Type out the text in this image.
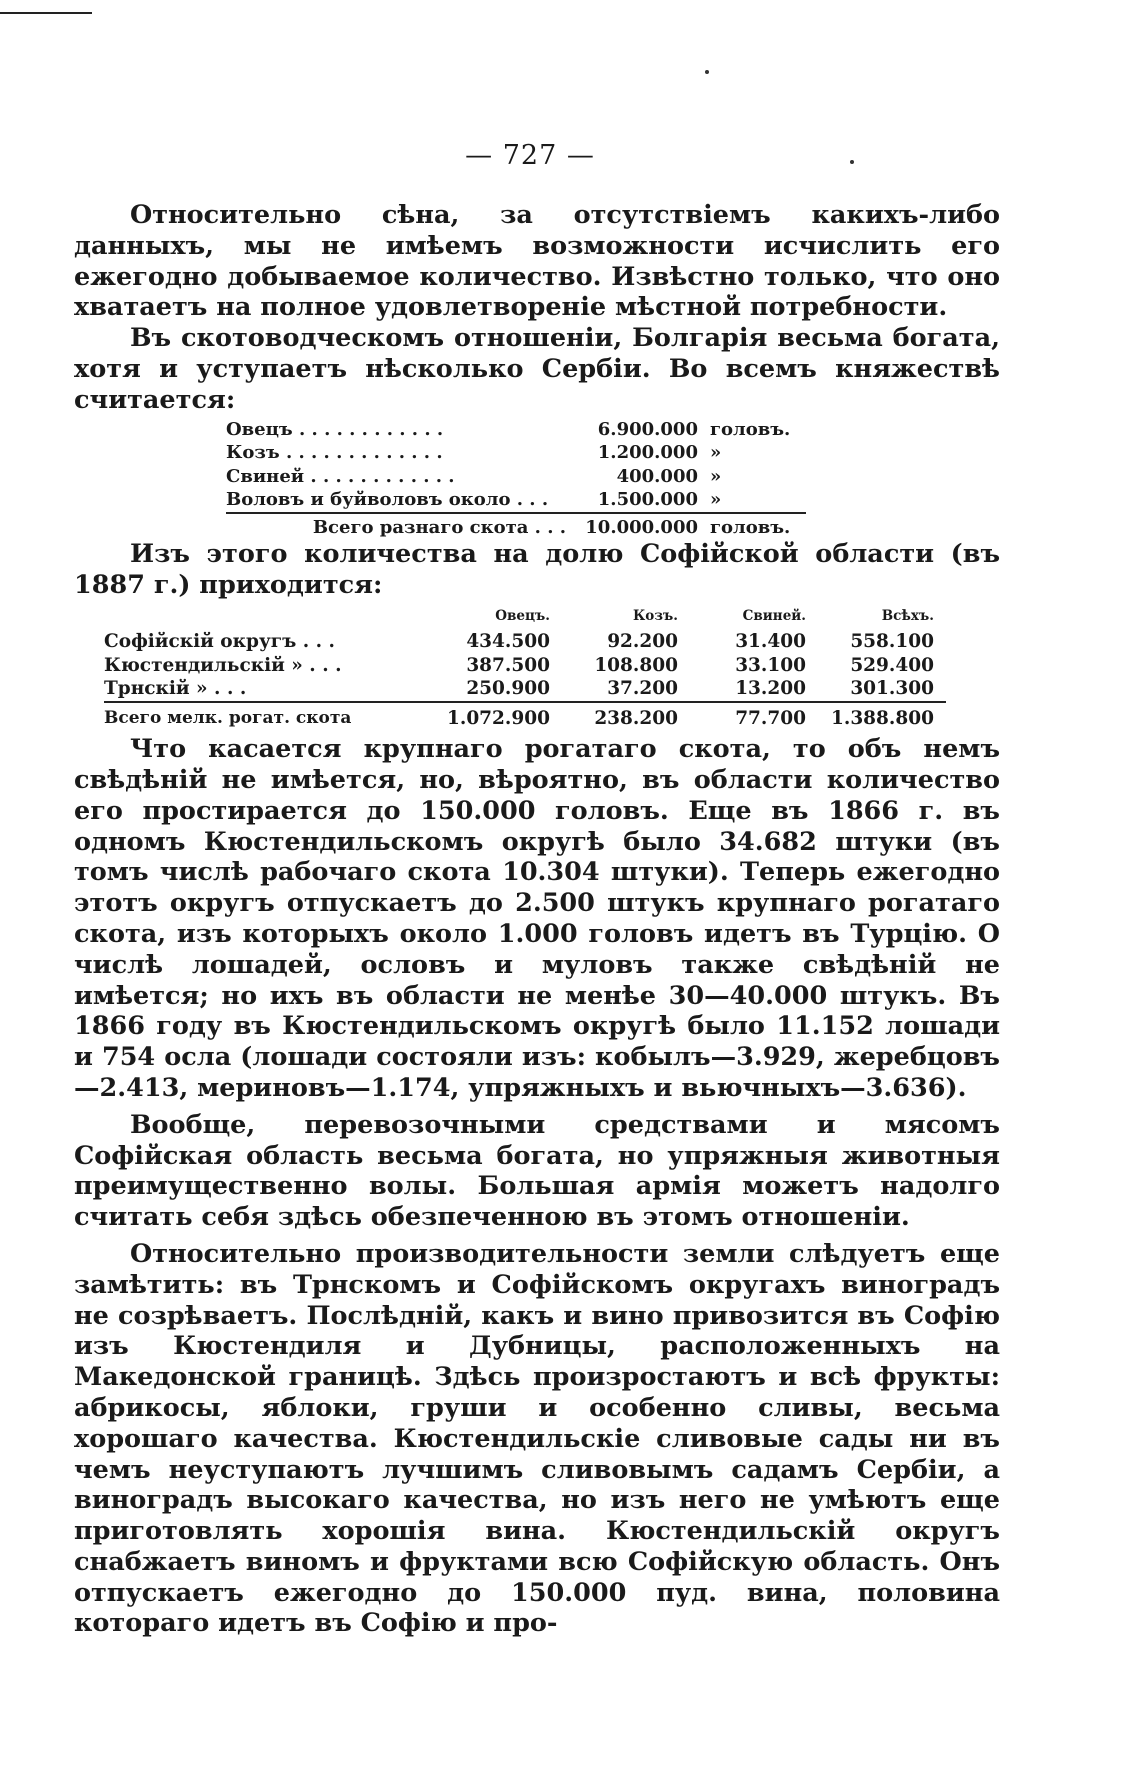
— 727 —

Относительно сѣна, за отсутствіемъ какихъ-либо данныхъ, мы не имѣемъ возможности исчислить его ежегодно добываемое количество. Извѣстно только, что оно хватаетъ на полное удовлетвореніе мѣстной потребности.

Въ скотоводческомъ отношеніи, Болгарія весьма богата, хотя и уступаетъ нѣсколько Сербіи. Во всемъ княжествѣ считается:

Овецъ . . . . . . . . . . . .	6.900.000	головъ.
Козъ . . . . . . . . . . . . .	1.200.000	»
Свиней . . . . . . . . . . . .	400.000	»
Воловъ и буйволовъ около . . .	1.500.000	»
Всего разнаго скота . . .	10.000.000	головъ.

Изъ этого количества на долю Софійской области (въ 1887 г.) приходится:

	Овецъ.	Козъ.	Свиней.	Всѣхъ.
Софійскій округъ . . .	434.500	92.200	31.400	558.100
Кюстендильскій » . . .	387.500	108.800	33.100	529.400
Трнскій » . . .	250.900	37.200	13.200	301.300
Всего мелк. рогат. скота	1.072.900	238.200	77.700	1.388.800

Что касается крупнаго рогатаго скота, то объ немъ свѣдѣній не имѣется, но, вѣроятно, въ области количество его простирается до 150.000 головъ. Еще въ 1866 г. въ одномъ Кюстендильскомъ округѣ было 34.682 штуки (въ томъ числѣ рабочаго скота 10.304 штуки). Теперь ежегодно этотъ округъ отпускаетъ до 2.500 штукъ крупнаго рогатаго скота, изъ которыхъ около 1.000 головъ идетъ въ Турцію. О числѣ лошадей, ословъ и муловъ также свѣдѣній не имѣется; но ихъ въ области не менѣе 30—40.000 штукъ. Въ 1866 году въ Кюстендильскомъ округѣ было 11.152 лошади и 754 осла (лошади состояли изъ: кобылъ—3.929, жеребцовъ—2.413, мериновъ—1.174, упряжныхъ и вьючныхъ—3.636).

Вообще, перевозочными средствами и мясомъ Софійская область весьма богата, но упряжныя животныя преимущественно волы. Большая армія можетъ надолго считать себя здѣсь обезпеченною въ этомъ отношеніи.

Относительно производительности земли слѣдуетъ еще замѣтить: въ Трнскомъ и Софійскомъ округахъ виноградъ не созрѣваетъ. Послѣдній, какъ и вино привозится въ Софію изъ Кюстендиля и Дубницы, расположенныхъ на Македонской границѣ. Здѣсь произростаютъ и всѣ фрукты: абрикосы, яблоки, груши и особенно сливы, весьма хорошаго качества. Кюстендильскіе сливовые сады ни въ чемъ неуступаютъ лучшимъ сливовымъ садамъ Сербіи, а виноградъ высокаго качества, но изъ него не умѣютъ еще приготовлять хорошія вина. Кюстендильскій округъ снабжаетъ виномъ и фруктами всю Софійскую область. Онъ отпускаетъ ежегодно до 150.000 пуд. вина, половина котораго идетъ въ Софію и про-
